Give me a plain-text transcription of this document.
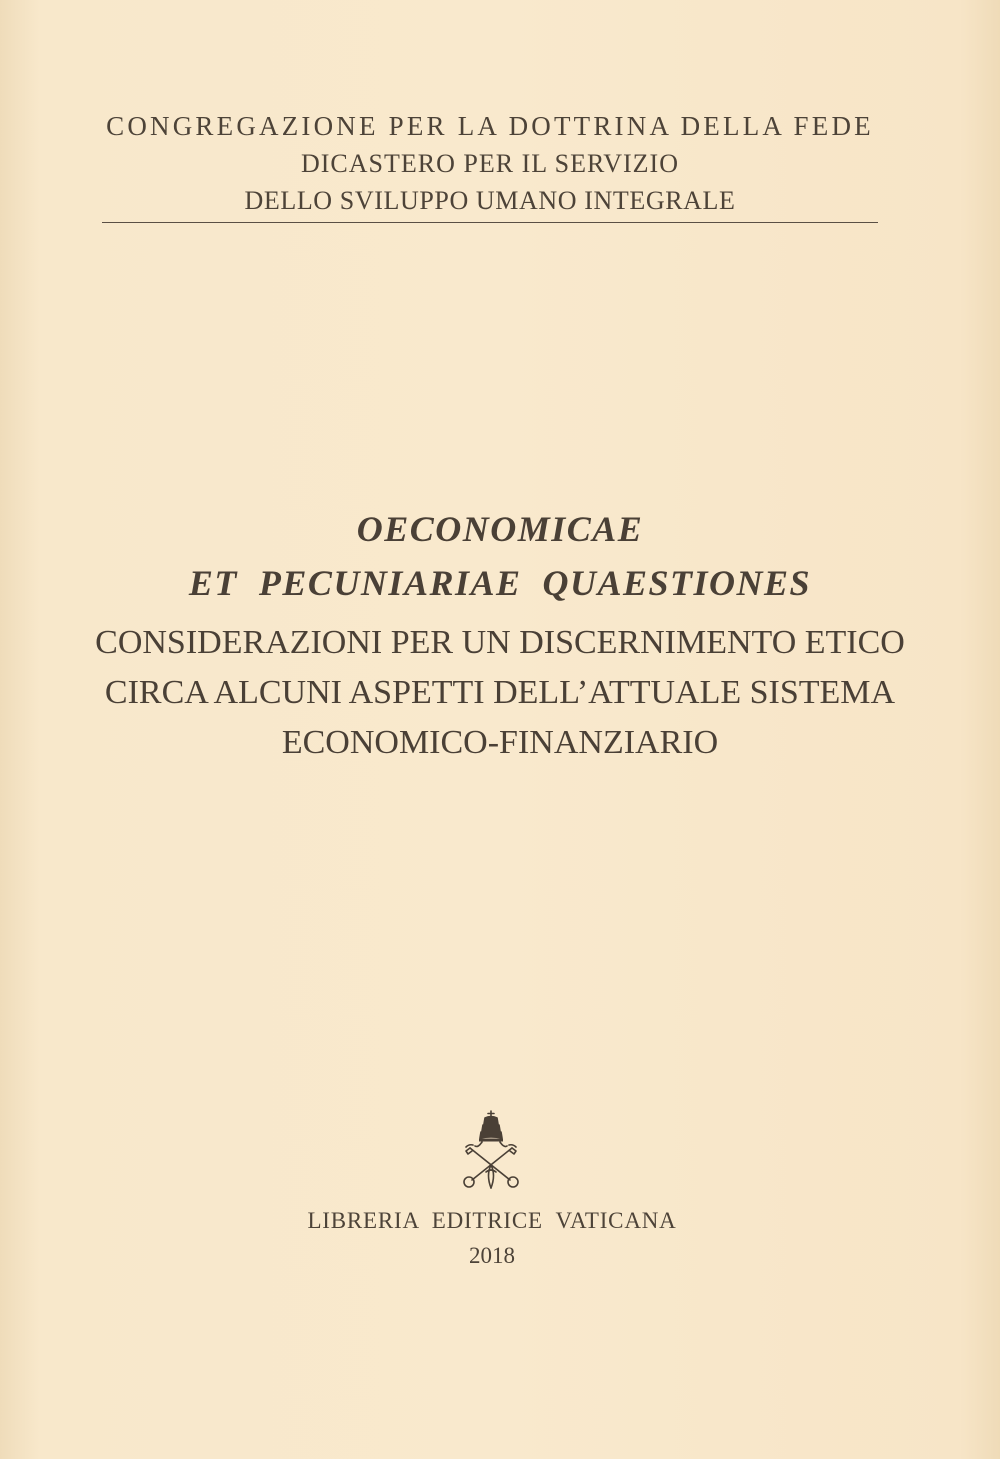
CONGREGAZIONE PER LA DOTTRINA DELLA FEDE
DICASTERO PER IL SERVIZIO
DELLO SVILUPPO UMANO INTEGRALE
OECONOMICAE
ET  PECUNIARIAE  QUAESTIONES
CONSIDERAZIONI PER UN DISCERNIMENTO ETICO
CIRCA ALCUNI ASPETTI DELL’ATTUALE SISTEMA
ECONOMICO-FINANZIARIO
LIBRERIA  EDITRICE  VATICANA
2018
